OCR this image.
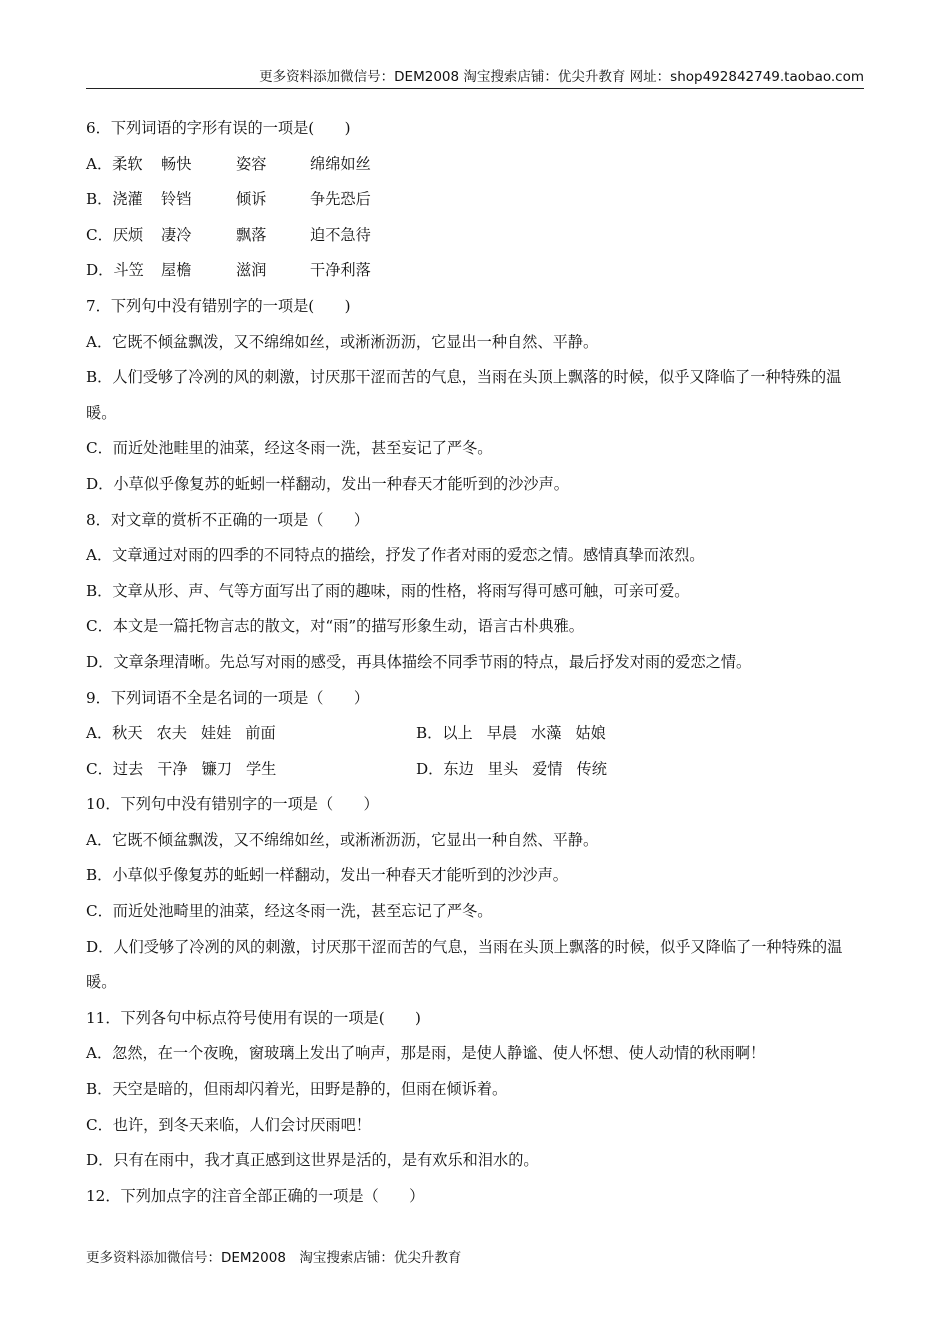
更多资料添加微信号：DEM2008 淘宝搜索店铺：优尖升教育 网址：shop492842749.taobao.com
6．下列词语的字形有误的一项是(　　)
A．柔软	畅快	姿容	绵绵如丝
B．浇灌	铃铛	倾诉	争先恐后
C．厌烦	凄冷	飘落	迫不急待
D．斗笠	屋檐	滋润	干净利落
7．下列句中没有错别字的一项是(　　)
A．它既不倾盆飘泼，又不绵绵如丝，或淅淅沥沥，它显出一种自然、平静。
B．人们受够了冷冽的风的刺激，讨厌那干涩而苦的气息，当雨在头顶上飘落的时候，似乎又降临了一种特殊的温暖。
C．而近处池畦里的油菜，经这冬雨一洗，甚至妄记了严冬。
D．小草似乎像复苏的蚯蚓一样翻动，发出一种春天才能听到的沙沙声。
8．对文章的赏析不正确的一项是（　　）
A．文章通过对雨的四季的不同特点的描绘，抒发了作者对雨的爱恋之情。感情真挚而浓烈。
B．文章从形、声、气等方面写出了雨的趣味，雨的性格，将雨写得可感可触，可亲可爱。
C．本文是一篇托物言志的散文，对“雨”的描写形象生动，语言古朴典雅。
D．文章条理清晰。先总写对雨的感受，再具体描绘不同季节雨的特点，最后抒发对雨的爱恋之情。
9．下列词语不全是名词的一项是（　　）
A．秋天 农夫 娃娃 前面	B．以上 早晨 水藻 姑娘
C．过去 干净 镰刀 学生	D．东边 里头 爱情 传统
10．下列句中没有错别字的一项是（　　）
A．它既不倾盆飘泼，又不绵绵如丝，或淅淅沥沥，它显出一种自然、平静。
B．小草似乎像复苏的蚯蚓一样翻动，发出一种春天才能听到的沙沙声。
C．而近处池畸里的油菜，经这冬雨一洗，甚至忘记了严冬。
D．人们受够了冷冽的风的刺激，讨厌那干涩而苦的气息，当雨在头顶上飘落的时候，似乎又降临了一种特殊的温暖。
11．下列各句中标点符号使用有误的一项是(　　)
A．忽然，在一个夜晚，窗玻璃上发出了响声，那是雨，是使人静谧、使人怀想、使人动情的秋雨啊！
B．天空是暗的，但雨却闪着光，田野是静的，但雨在倾诉着。
C．也许，到冬天来临，人们会讨厌雨吧！
D．只有在雨中，我才真正感到这世界是活的，是有欢乐和泪水的。
12．下列加点字的注音全部正确的一项是（　　）
更多资料添加微信号：DEM2008　淘宝搜索店铺：优尖升教育
